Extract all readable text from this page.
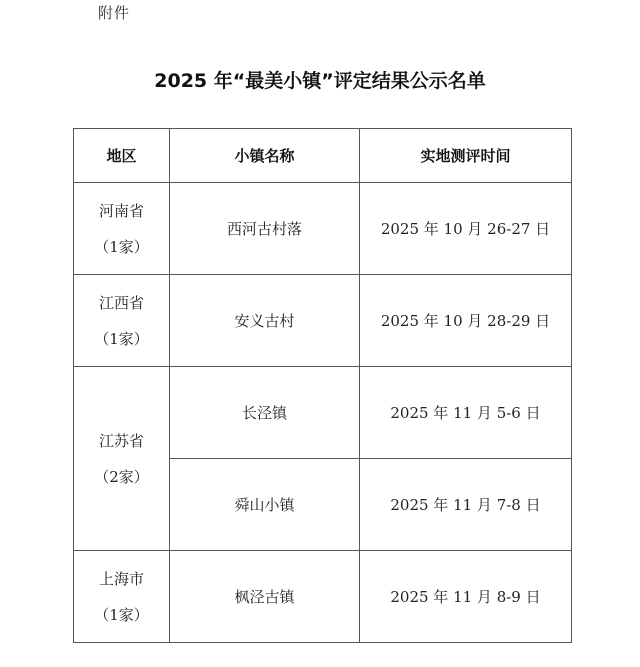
附件
2025 年“最美小镇”评定结果公示名单
地区	小镇名称	实地测评时间

河南省
（1家）	西河古村落	2025 年 10 月 26-27 日

江西省
（1家）	安义古村	2025 年 10 月 28-29 日

江苏省
（2家）	长泾镇	2025 年 11 月 5-6 日
	舜山小镇	2025 年 11 月 7-8 日

上海市
（1家）	枫泾古镇	2025 年 11 月 8-9 日
